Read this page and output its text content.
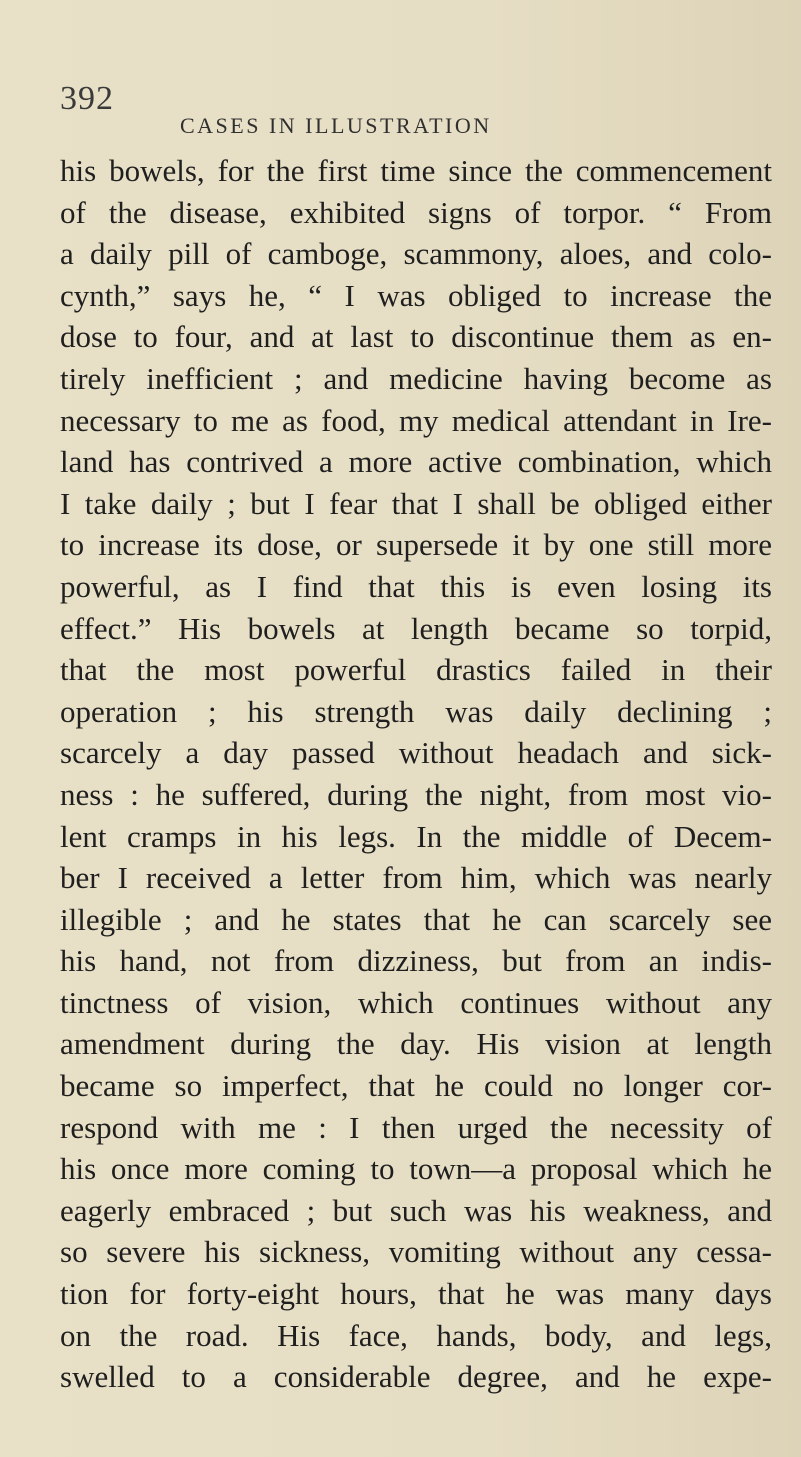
392
CASES IN ILLUSTRATION
his bowels, for the first time since the commencement
of the disease, exhibited signs of torpor. “ From
a daily pill of camboge, scammony, aloes, and colo-
cynth,” says he, “ I was obliged to increase the
dose to four, and at last to discontinue them as en-
tirely inefficient ; and medicine having become as
necessary to me as food, my medical attendant in Ire-
land has contrived a more active combination, which
I take daily ; but I fear that I shall be obliged either
to increase its dose, or supersede it by one still more
powerful, as I find that this is even losing its
effect.” His bowels at length became so torpid,
that the most powerful drastics failed in their
operation ; his strength was daily declining ;
scarcely a day passed without headach and sick-
ness : he suffered, during the night, from most vio-
lent cramps in his legs. In the middle of Decem-
ber I received a letter from him, which was nearly
illegible ; and he states that he can scarcely see
his hand, not from dizziness, but from an indis-
tinctness of vision, which continues without any
amendment during the day. His vision at length
became so imperfect, that he could no longer cor-
respond with me : I then urged the necessity of
his once more coming to town—a proposal which he
eagerly embraced ; but such was his weakness, and
so severe his sickness, vomiting without any cessa-
tion for forty-eight hours, that he was many days
on the road. His face, hands, body, and legs,
swelled to a considerable degree, and he expe-
